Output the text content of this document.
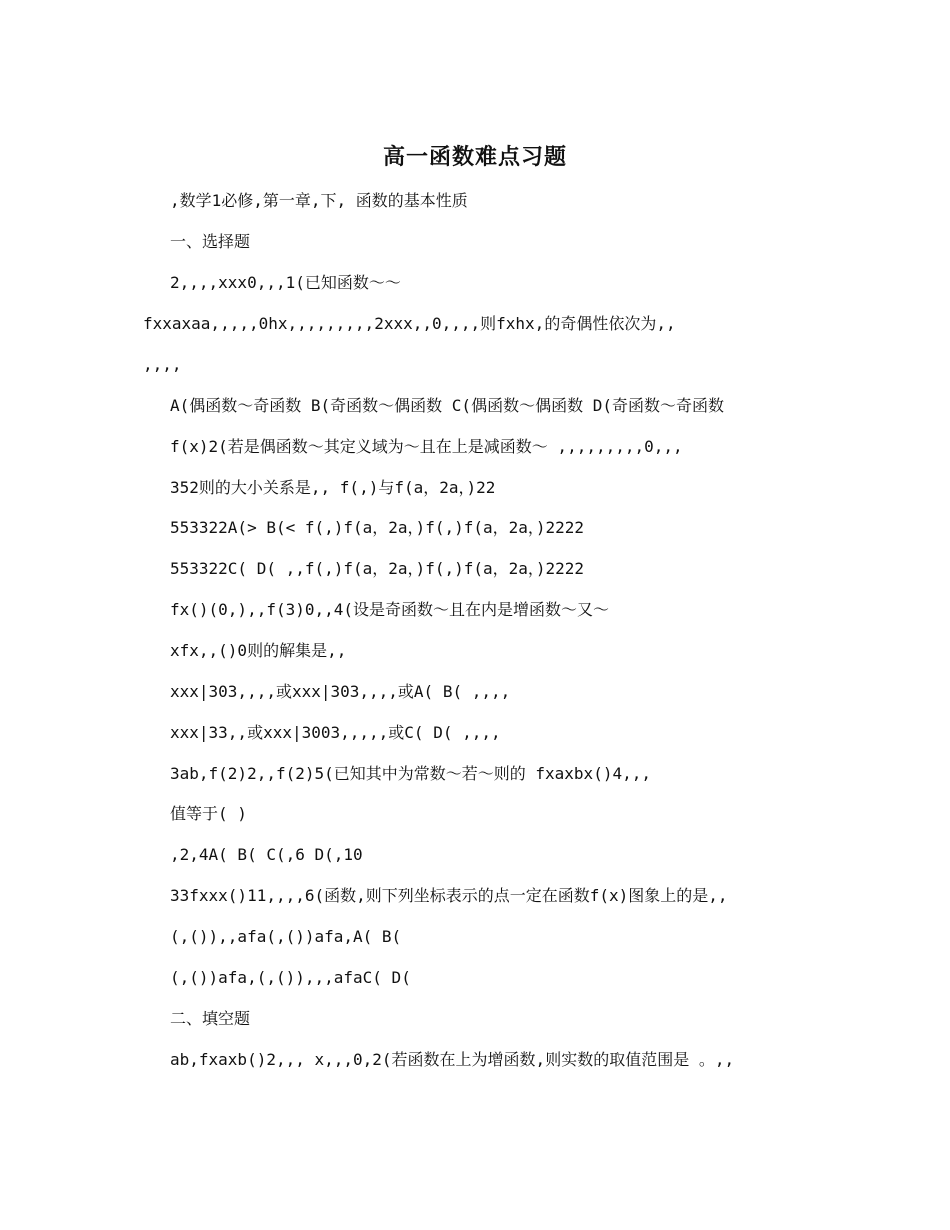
高一函数难点习题
,数学1必修,第一章,下, 函数的基本性质
一、选择题
2,,,,xxx0,,,1(已知函数～～
fxxaxaa,,,,,0hx,,,,,,,,,2xxx,,0,,,,则fxhx,的奇偶性依次为,,
,,,,
A(偶函数～奇函数 B(奇函数～偶函数 C(偶函数～偶函数 D(奇函数～奇函数
f(x)2(若是偶函数～其定义域为～且在上是减函数～ ,,,,,,,,,0,,,
352则的大小关系是,, f(,)与f(a，2a，)22
553322A(> B(< f(,)f(a，2a，)f(,)f(a，2a，)2222
553322C( D( ,,f(,)f(a，2a，)f(,)f(a，2a，)2222
fx()(0,),,f(3)0,,4(设是奇函数～且在内是增函数～又～
xfx,,()0则的解集是,,
xxx|303,,,,或xxx|303,,,,或A( B( ,,,,
xxx|33,,或xxx|3003,,,,,或C( D( ,,,,
3ab,f(2)2,,f(2)5(已知其中为常数～若～则的 fxaxbx()4,,,
值等于( )
,2,4A( B( C(,6 D(,10
33fxxx()11,,,,6(函数,则下列坐标表示的点一定在函数f(x)图象上的是,,
(,()),,afa(,())afa,A( B(
(,())afa,(,()),,,afaC( D(
二、填空题
ab,fxaxb()2,,, x,,,0,2(若函数在上为增函数,则实数的取值范围是 。,,
